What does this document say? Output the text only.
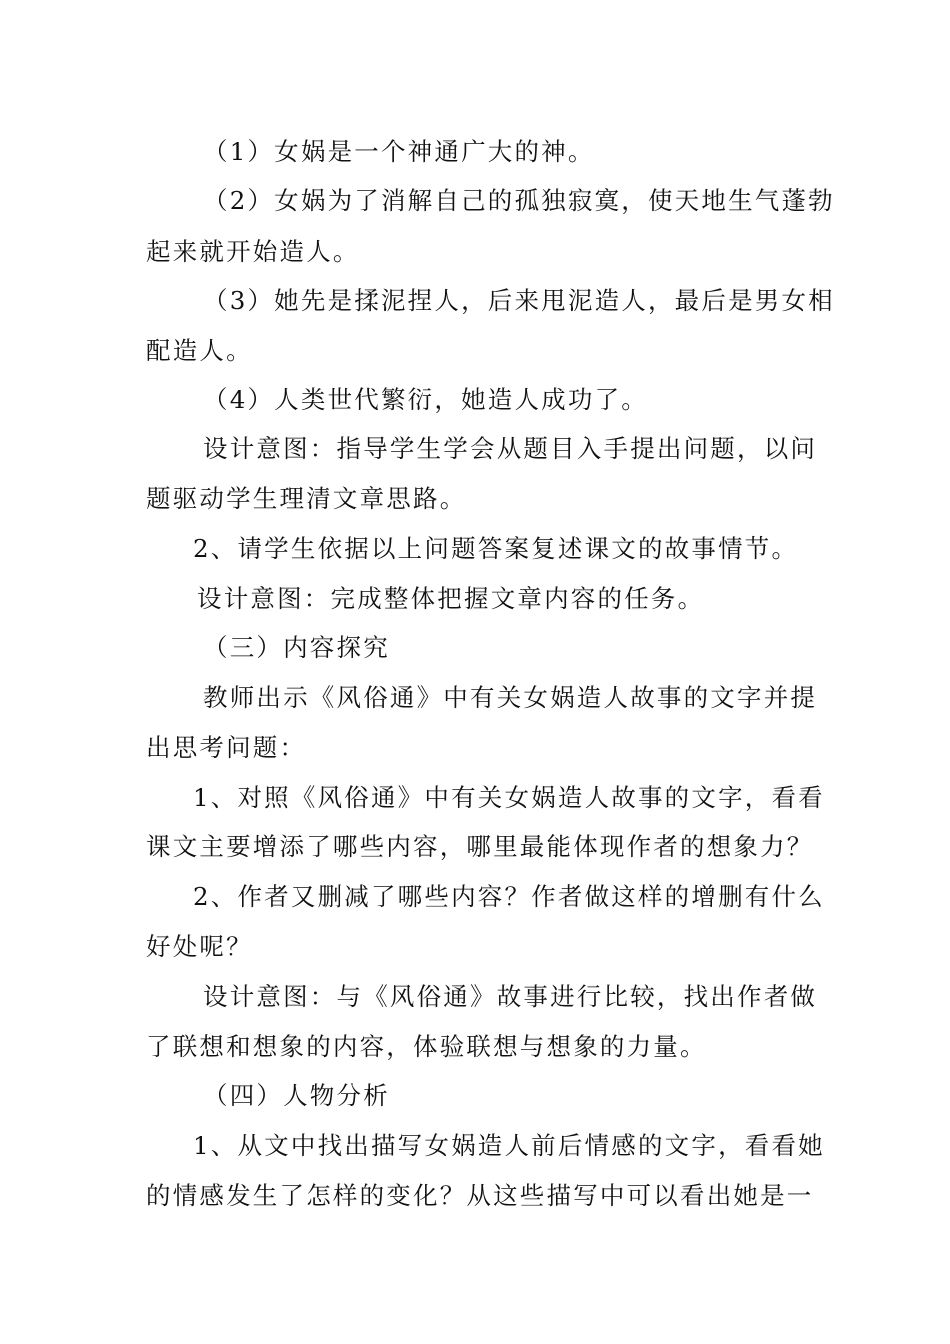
（1）女娲是一个神通广大的神。
（2）女娲为了消解自己的孤独寂寞，使天地生气蓬勃
起来就开始造人。
（3）她先是揉泥捏人，后来甩泥造人，最后是男女相
配造人。
（4）人类世代繁衍，她造人成功了。
设计意图：指导学生学会从题目入手提出问题，以问
题驱动学生理清文章思路。
2、请学生依据以上问题答案复述课文的故事情节。
设计意图：完成整体把握文章内容的任务。
（三）内容探究
教师出示《风俗通》中有关女娲造人故事的文字并提
出思考问题：
1、对照《风俗通》中有关女娲造人故事的文字，看看
课文主要增添了哪些内容，哪里最能体现作者的想象力？
2、作者又删减了哪些内容？作者做这样的增删有什么
好处呢？
设计意图：与《风俗通》故事进行比较，找出作者做
了联想和想象的内容，体验联想与想象的力量。
（四）人物分析
1、从文中找出描写女娲造人前后情感的文字，看看她
的情感发生了怎样的变化？从这些描写中可以看出她是一
